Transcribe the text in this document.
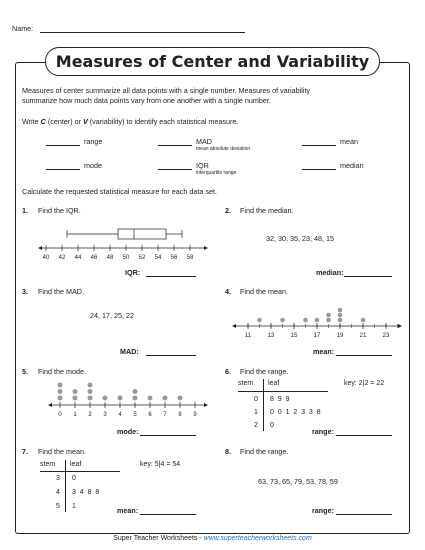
Name:
Measures of Center and Variability
Measures of center summarize all data points with a single number. Measures of variability
summarize how much data points vary from one another with a single number.
Write C (center) or V (variability) to identify each statistical measure.
range	MAD
mean absolute deviation
mean
mode	IQR
interquartile range
median
Calculate the requested statistical measure for each data set.
1. Find the IQR.
40 42 44 46 48 50 52 54 56 58
IQR:
2. Find the median.
32, 30, 35, 23, 48, 15
median:
3. Find the MAD.
24, 17, 25, 22
MAD:
4. Find the mean.
11	13	15	17	19	21	23
mean:
5. Find the mode.
0 1 2 3 4 5 6 7 8 9
mode:
6. Find the range.
stem leaf
0 8  9  9
1 0  0  1  2  3  3  8
2 0
key: 2|2 = 22
range:
7. Find the mean.
stem leaf
3 0
4 3  4  8  8
5 1
key: 5|4 = 54
mean:
8. Find the range.
63, 73, 65, 79, 53, 78, 59
range:
Super Teacher Worksheets - www.superteacherworksheets.com
